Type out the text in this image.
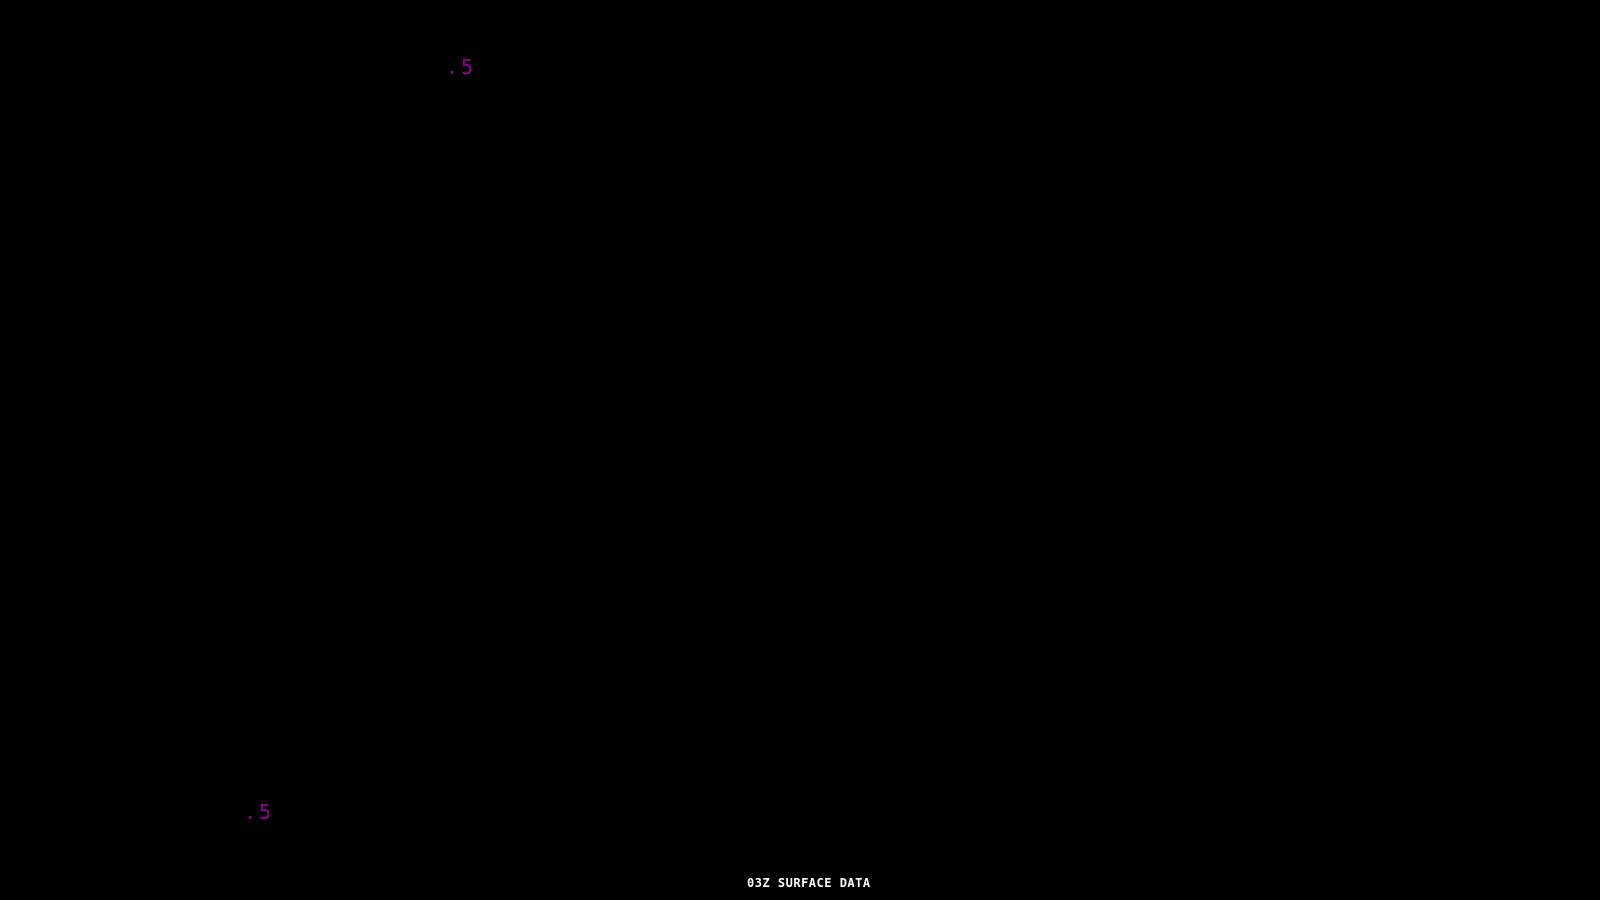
.5
.5
03Z SURFACE DATA
